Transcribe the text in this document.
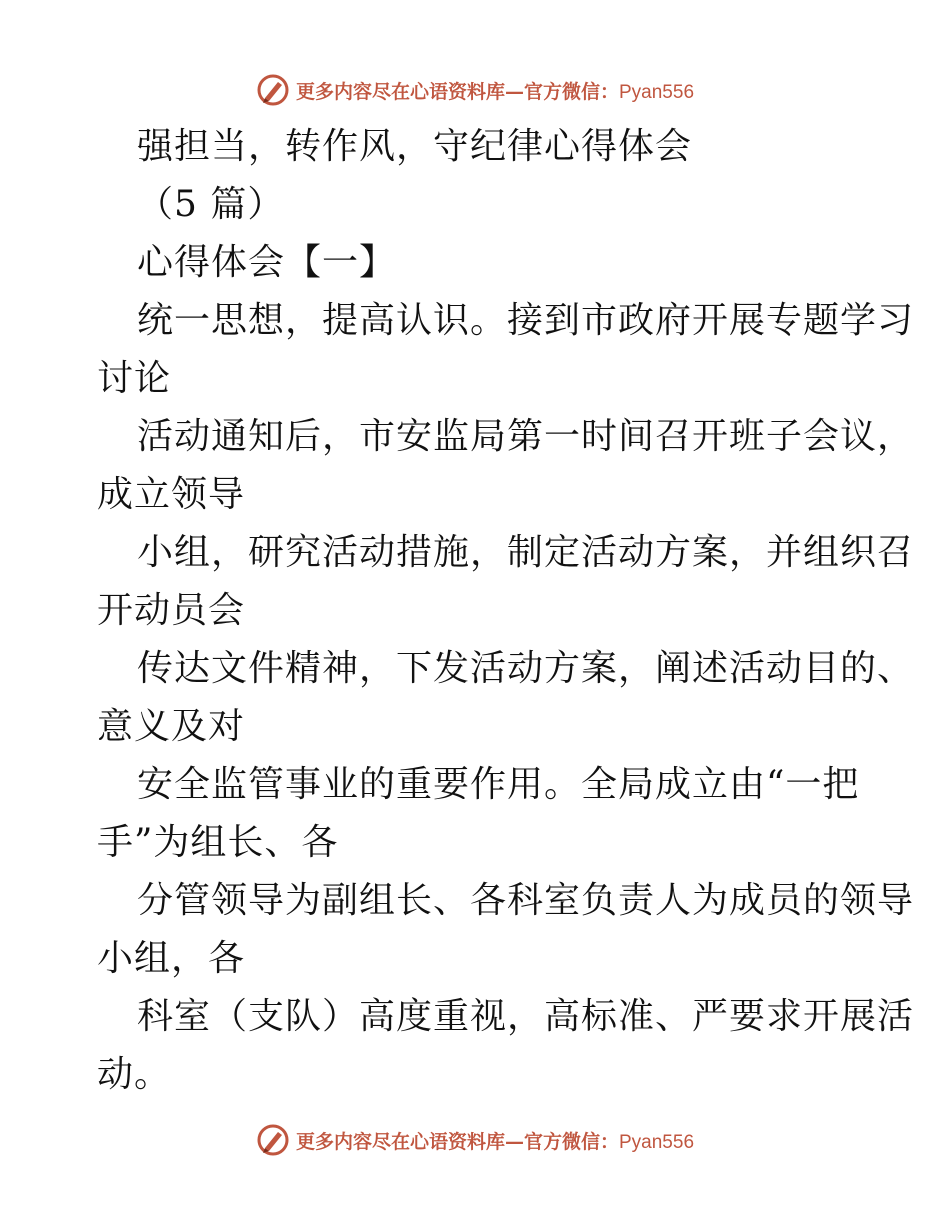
更多内容尽在心语资料库—官方微信：Pyan556
强担当，转作风，守纪律心得体会
（5 篇）
心得体会【一】
统一思想，提高认识。接到市政府开展专题学习
讨论
活动通知后，市安监局第一时间召开班子会议，
成立领导
小组，研究活动措施，制定活动方案，并组织召
开动员会
传达文件精神，下发活动方案，阐述活动目的、
意义及对
安全监管事业的重要作用。全局成立由“一把
手”为组长、各
分管领导为副组长、各科室负责人为成员的领导
小组，各
科室（支队）高度重视，高标准、严要求开展活
动。
更多内容尽在心语资料库—官方微信：Pyan556
